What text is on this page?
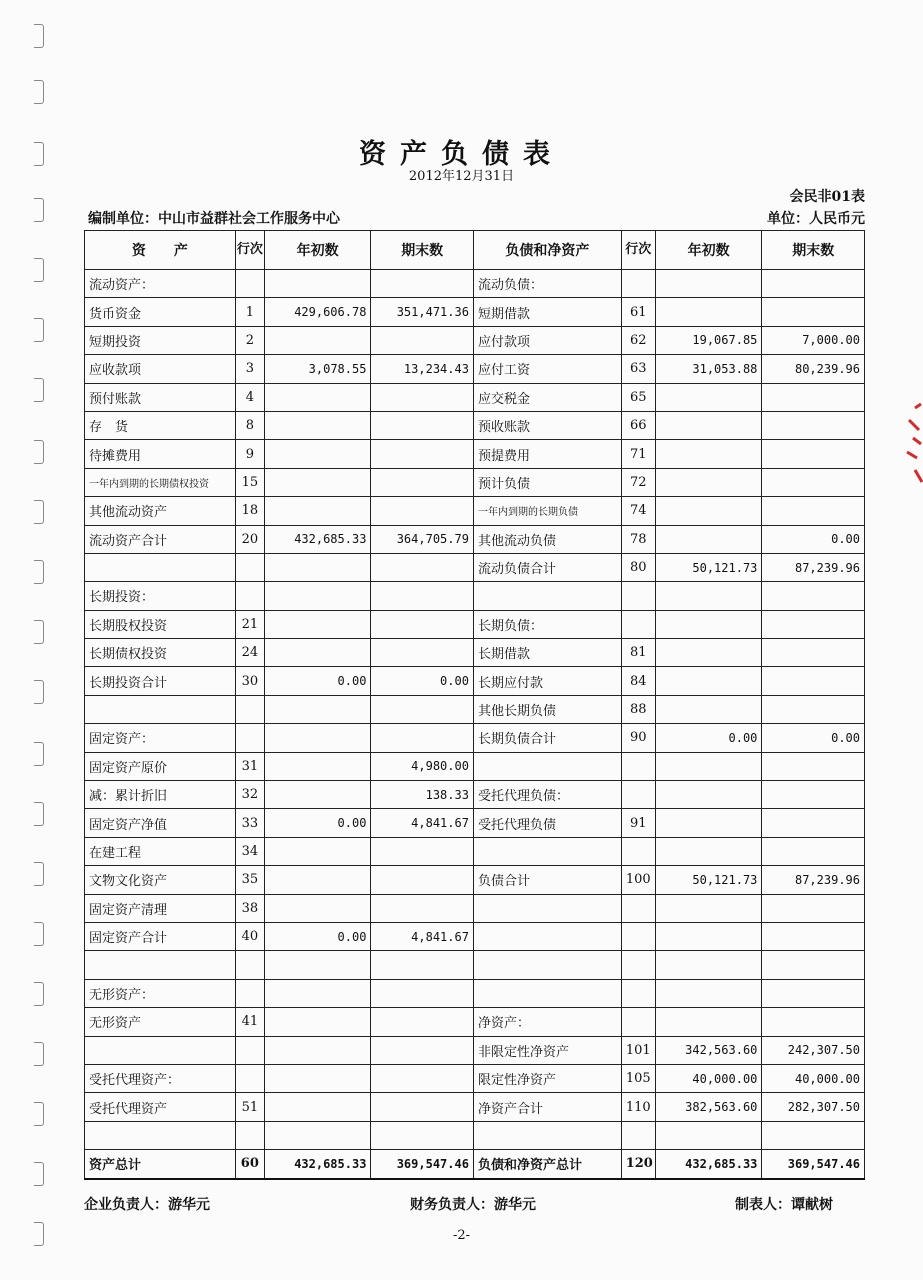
资产负债表
2012年12月31日
会民非01表
编制单位：中山市益群社会工作服务中心	单位：人民币元
资　　产	行次	年初数	期末数	负债和净资产	行次	年初数	期末数
流动资产：				流动负债：			
货币资金	1	429,606.78	351,471.36	短期借款	61		
短期投资	2			应付款项	62	19,067.85	7,000.00
应收款项	3	3,078.55	13,234.43	应付工资	63	31,053.88	80,239.96
预付账款	4			应交税金	65		
存　货	8			预收账款	66		
待摊费用	9			预提费用	71		
一年内到期的长期债权投资	15			预计负债	72		
其他流动资产	18			一年内到期的长期负债	74		
流动资产合计	20	432,685.33	364,705.79	其他流动负债	78		0.00
				流动负债合计	80	50,121.73	87,239.96
长期投资：							
长期股权投资	21			长期负债：			
长期债权投资	24			长期借款	81		
长期投资合计	30	0.00	0.00	长期应付款	84		
				其他长期负债	88		
固定资产：				长期负债合计	90	0.00	0.00
固定资产原价	31		4,980.00				
减：累计折旧	32		138.33	受托代理负债：			
固定资产净值	33	0.00	4,841.67	受托代理负债	91		
在建工程	34						
文物文化资产	35			负债合计	100	50,121.73	87,239.96
固定资产清理	38						
固定资产合计	40	0.00	4,841.67				

无形资产：							
无形资产	41			净资产：			
				非限定性净资产	101	342,563.60	242,307.50
受托代理资产：				限定性净资产	105	40,000.00	40,000.00
受托代理资产	51			净资产合计	110	382,563.60	282,307.50

资产总计	60	432,685.33	369,547.46	负债和净资产总计	120	432,685.33	369,547.46
企业负责人：游华元	财务负责人：游华元	制表人：谭献树
-2-
